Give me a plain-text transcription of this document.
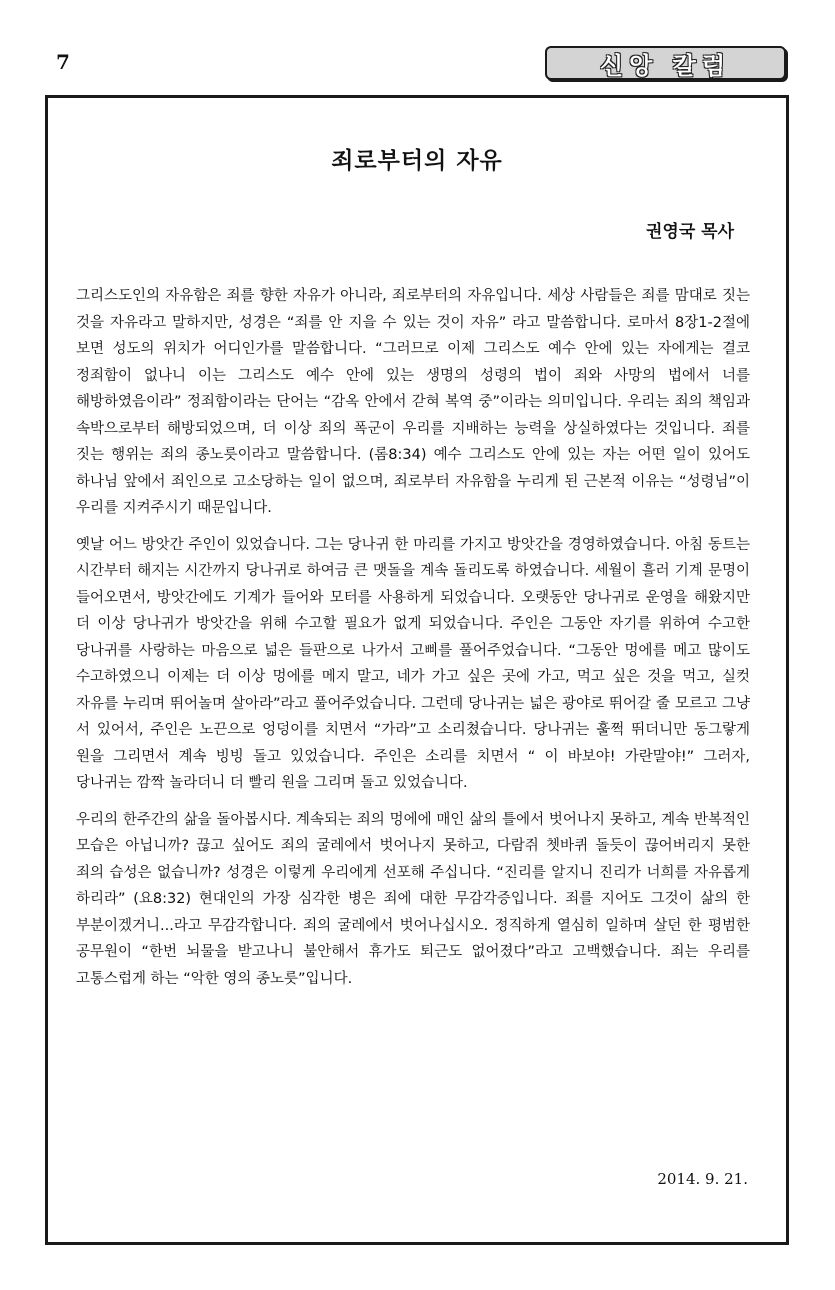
7	신앙 칼럼
죄로부터의 자유
권영국 목사

그리스도인의 자유함은 죄를 향한 자유가 아니라, 죄로부터의 자유입니다. 세상 사람들은 죄를 맘대로 짓는 것을 자유라고 말하지만, 성경은 “죄를 안 지을 수 있는 것이 자유” 라고 말씀합니다. 로마서 8장1-2절에 보면 성도의 위치가 어디인가를 말씀합니다. “그러므로 이제 그리스도 예수 안에 있는 자에게는 결코 정죄함이 없나니 이는 그리스도 예수 안에 있는 생명의 성령의 법이 죄와 사망의 법에서 너를 해방하였음이라” 정죄함이라는 단어는 “감옥 안에서 갇혀 복역 중”이라는 의미입니다. 우리는 죄의 책임과 속박으로부터 해방되었으며, 더 이상 죄의 폭군이 우리를 지배하는 능력을 상실하였다는 것입니다. 죄를 짓는 행위는 죄의 종노릇이라고 말씀합니다. (롬8:34) 예수 그리스도 안에 있는 자는 어떤 일이 있어도 하나님 앞에서 죄인으로 고소당하는 일이 없으며, 죄로부터 자유함을 누리게 된 근본적 이유는 “성령님”이 우리를 지켜주시기 때문입니다.

옛날 어느 방앗간 주인이 있었습니다. 그는 당나귀 한 마리를 가지고 방앗간을 경영하였습니다. 아침 동트는 시간부터 해지는 시간까지 당나귀로 하여금 큰 맷돌을 계속 돌리도록 하였습니다. 세월이 흘러 기계 문명이 들어오면서, 방앗간에도 기계가 들어와 모터를 사용하게 되었습니다. 오랫동안 당나귀로 운영을 해왔지만 더 이상 당나귀가 방앗간을 위해 수고할 필요가 없게 되었습니다. 주인은 그동안 자기를 위하여 수고한 당나귀를 사랑하는 마음으로 넓은 들판으로 나가서 고삐를 풀어주었습니다. “그동안 멍에를 메고 많이도 수고하였으니 이제는 더 이상 멍에를 메지 말고, 네가 가고 싶은 곳에 가고, 먹고 싶은 것을 먹고, 실컷 자유를 누리며 뛰어놀며 살아라”라고 풀어주었습니다. 그런데 당나귀는 넓은 광야로 뛰어갈 줄 모르고 그냥 서 있어서, 주인은 노끈으로 엉덩이를 치면서 “가라”고 소리쳤습니다. 당나귀는 훌쩍 뛰더니만 동그랗게 원을 그리면서 계속 빙빙 돌고 있었습니다. 주인은 소리를 치면서 “ 이 바보야! 가란말야!” 그러자, 당나귀는 깜짝 놀라더니 더 빨리 원을 그리며 돌고 있었습니다.

우리의 한주간의 삶을 돌아봅시다. 계속되는 죄의 멍에에 매인 삶의 틀에서 벗어나지 못하고, 계속 반복적인 모습은 아닙니까? 끊고 싶어도 죄의 굴레에서 벗어나지 못하고, 다람쥐 쳇바퀴 돌듯이 끊어버리지 못한 죄의 습성은 없습니까? 성경은 이렇게 우리에게 선포해 주십니다. “진리를 알지니 진리가 너희를 자유롭게 하리라” (요8:32) 현대인의 가장 심각한 병은 죄에 대한 무감각증입니다. 죄를 지어도 그것이 삶의 한 부분이겠거니...라고 무감각합니다. 죄의 굴레에서 벗어나십시오. 정직하게 열심히 일하며 살던 한 평범한 공무원이 “한번 뇌물을 받고나니 불안해서 휴가도 퇴근도 없어졌다”라고 고백했습니다. 죄는 우리를 고통스럽게 하는 “악한 영의 종노릇”입니다.

2014. 9. 21.
